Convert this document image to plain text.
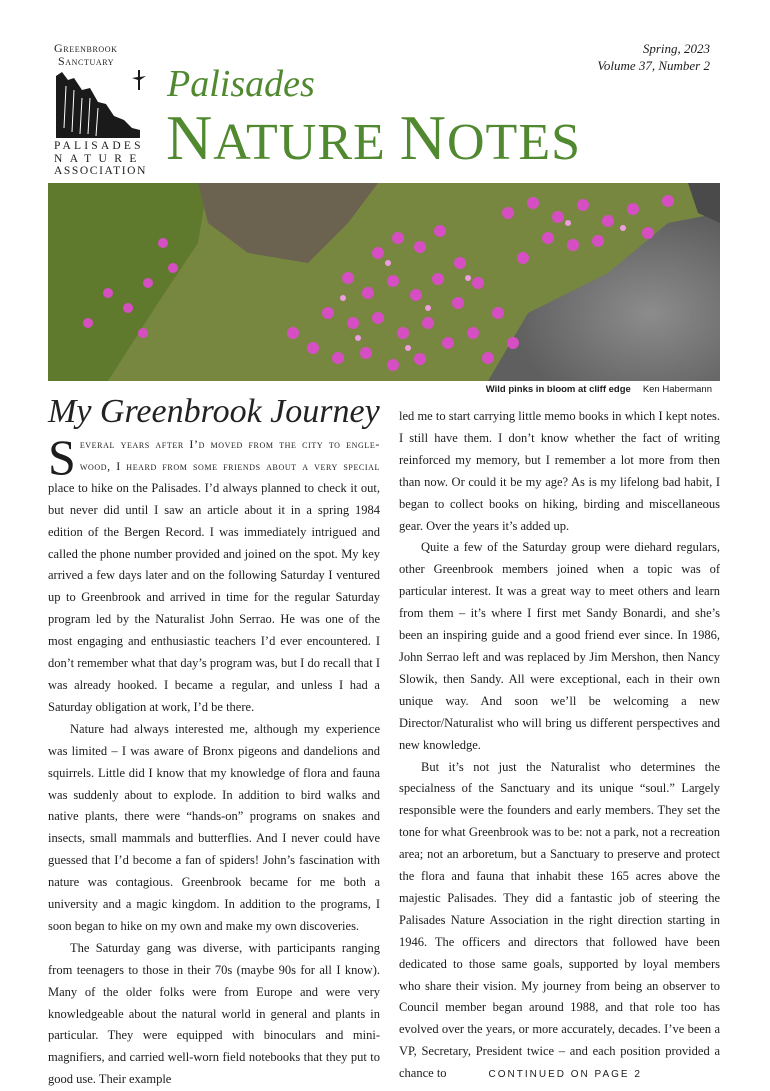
Greenbrook
Sanctuary
PALISADES
NATURE
ASSOCIATION
Spring, 2023
Volume 37, Number 2
Palisades
NATURE NOTES
Wild pinks in bloom at cliff edge Ken Habermann
My Greenbrook Journey

Several years after I’d moved from the city to engle-wood, I heard from some friends about a very special place to hike on the Palisades. I’d always planned to check it out, but never did until I saw an article about it in a spring 1984 edition of the Bergen Record. I was immediately intrigued and called the phone number provided and joined on the spot. My key arrived a few days later and on the following Saturday I ventured up to Greenbrook and arrived in time for the regular Saturday program led by the Naturalist John Serrao. He was one of the most engaging and enthusiastic teachers I’d ever encountered. I don’t remember what that day’s program was, but I do recall that I was already hooked. I became a regular, and unless I had a Saturday obligation at work, I’d be there.

Nature had always interested me, although my experience was limited – I was aware of Bronx pigeons and dandelions and squirrels. Little did I know that my knowledge of flora and fauna was suddenly about to explode. In addition to bird walks and native plants, there were “hands-on” programs on snakes and insects, small mammals and butterflies. And I never could have guessed that I’d become a fan of spiders! John’s fascination with nature was contagious. Greenbrook became for me both a university and a magic kingdom. In addition to the programs, I soon began to hike on my own and make my own discoveries.

The Saturday gang was diverse, with participants ranging from teenagers to those in their 70s (maybe 90s for all I know). Many of the older folks were from Europe and were very knowledgeable about the natural world in general and plants in particular. They were equipped with binoculars and mini-magnifiers, and carried well-worn field notebooks that they put to good use. Their example

led me to start carrying little memo books in which I kept notes. I still have them. I don’t know whether the fact of writing reinforced my memory, but I remember a lot more from then than now. Or could it be my age? As is my lifelong bad habit, I began to collect books on hiking, birding and miscellaneous gear. Over the years it’s added up.

Quite a few of the Saturday group were diehard regulars, other Greenbrook members joined when a topic was of particular interest. It was a great way to meet others and learn from them – it’s where I first met Sandy Bonardi, and she’s been an inspiring guide and a good friend ever since. In 1986, John Serrao left and was replaced by Jim Mershon, then Nancy Slowik, then Sandy. All were exceptional, each in their own unique way. And soon we’ll be welcoming a new Director/Naturalist who will bring us different perspectives and new knowledge.

But it’s not just the Naturalist who determines the specialness of the Sanctuary and its unique “soul.” Largely responsible were the founders and early members. They set the tone for what Greenbrook was to be: not a park, not a recreation area; not an arboretum, but a Sanctuary to preserve and protect the flora and fauna that inhabit these 165 acres above the majestic Palisades. They did a fantastic job of steering the Palisades Nature Association in the right direction starting in 1946. The officers and directors that followed have been dedicated to those same goals, supported by loyal members who share their vision. My journey from being an observer to Council member began around 1988, and that role too has evolved over the years, or more accurately, decades. I’ve been a VP, Secretary, President twice – and each position provided a chance to	CONTINUED ON PAGE 2
